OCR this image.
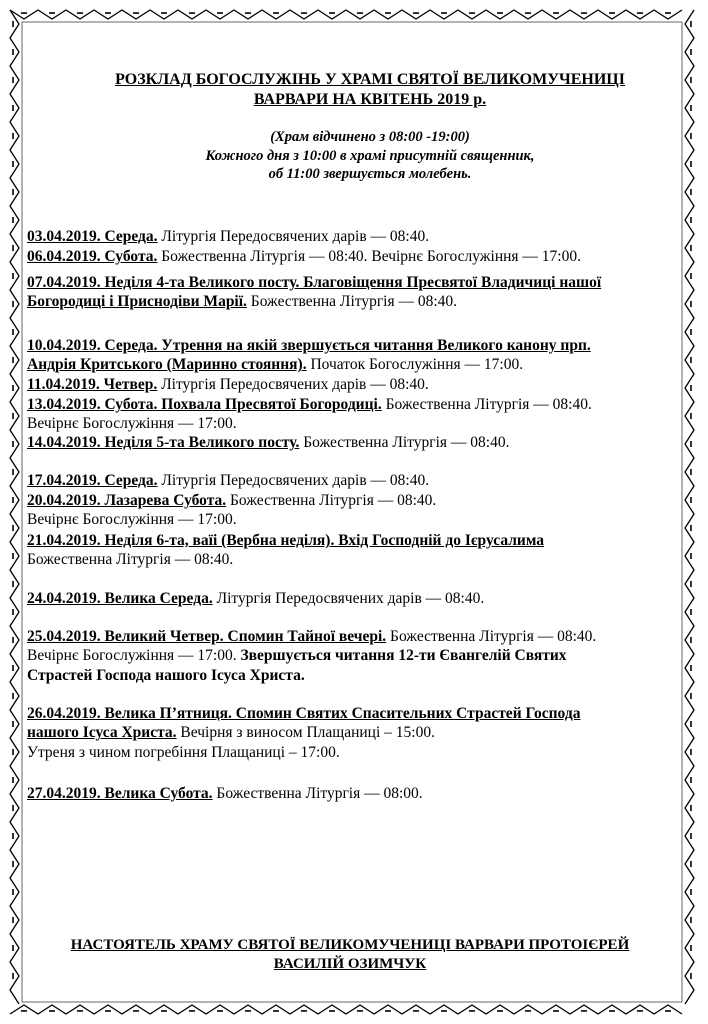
РОЗКЛАД БОГОСЛУЖІНЬ У ХРАМІ СВЯТОЇ ВЕЛИКОМУЧЕНИЦІ
ВАРВАРИ НА КВІТЕНЬ 2019 р.
(Храм відчинено з 08:00 -19:00)
Кожного дня з 10:00 в храмі присутній священник,
об 11:00 звершується молебень.

03.04.2019. Середа. Літургія Передосвячених дарів — 08:40.

06.04.2019. Субота. Божественна Літургія — 08:40. Вечірнє Богослужіння — 17:00.

07.04.2019. Неділя 4-та Великого посту. Благовіщення Пресвятої Владичиці нашої

Богородиці і Приснодіви Марії. Божественна Літургія — 08:40.

10.04.2019. Середа. Утрення на якій звершується читання Великого канону прп.

Андрія Критського (Маринно стояння). Початок Богослужіння — 17:00.

11.04.2019. Четвер. Літургія Передосвячених дарів — 08:40.

13.04.2019. Субота. Похвала Пресвятої Богородиці. Божественна Літургія — 08:40.

Вечірнє Богослужіння — 17:00.

14.04.2019. Неділя 5-та Великого посту. Божественна Літургія — 08:40.

17.04.2019. Середа. Літургія Передосвячених дарів — 08:40.

20.04.2019. Лазарева Субота. Божественна Літургія — 08:40.

Вечірнє Богослужіння — 17:00.

21.04.2019. Неділя 6-та, ваїі (Вербна неділя). Вхід Господній до Ієрусалима

Божественна Літургія — 08:40.

24.04.2019. Велика Середа. Літургія Передосвячених дарів — 08:40.

25.04.2019. Великий Четвер. Спомин Тайної вечері. Божественна Літургія — 08:40.

Вечірнє Богослужіння — 17:00. Звершується читання 12-ти Євангелій Святих

Страстей Господа нашого Ісуса Христа.

26.04.2019. Велика П’ятниця. Спомин Святих Спасительних Страстей Господа

нашого Ісуса Христа. Вечірня з виносом Плащаниці – 15:00.

Утреня з чином погребіння Плащаниці – 17:00.

27.04.2019. Велика Субота. Божественна Літургія — 08:00.

НАСТОЯТЕЛЬ ХРАМУ СВЯТОЇ ВЕЛИКОМУЧЕНИЦІ ВАРВАРИ ПРОТОІЄРЕЙ
ВАСИЛІЙ ОЗИМЧУК
